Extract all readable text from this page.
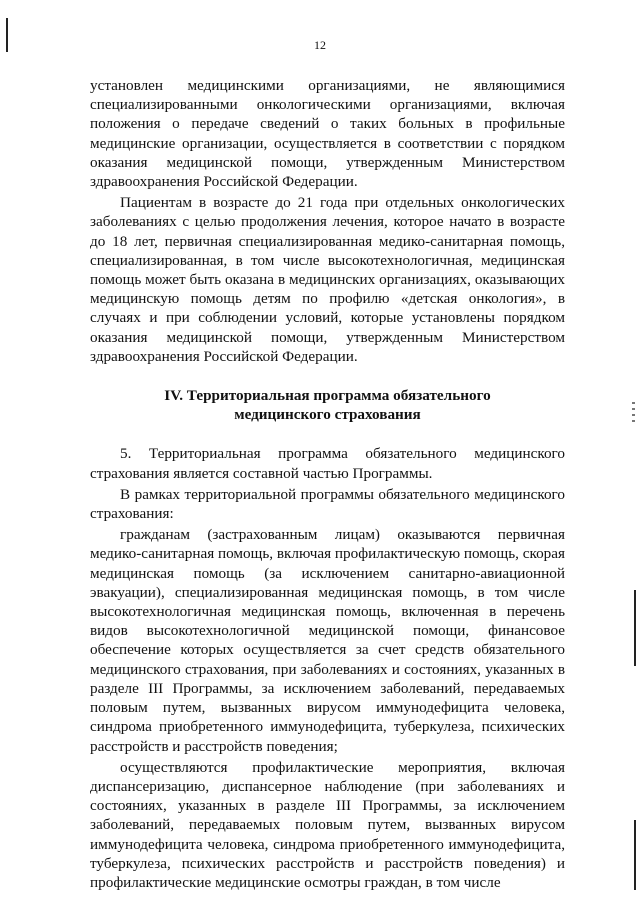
12

установлен медицинскими организациями, не являющимися специализированными онкологическими организациями, включая положения о передаче сведений о таких больных в профильные медицинские организации, осуществляется в соответствии с порядком оказания медицинской помощи, утвержденным Министерством здравоохранения Российской Федерации.

Пациентам в возрасте до 21 года при отдельных онкологических заболеваниях с целью продолжения лечения, которое начато в возрасте до 18 лет, первичная специализированная медико-санитарная помощь, специализированная, в том числе высокотехнологичная, медицинская помощь может быть оказана в медицинских организациях, оказывающих медицинскую помощь детям по профилю «детская онкология», в случаях и при соблюдении условий, которые установлены порядком оказания медицинской помощи, утвержденным Министерством здравоохранения Российской Федерации.

IV. Территориальная программа обязательного
медицинского страхования

5. Территориальная программа обязательного медицинского страхования является составной частью Программы.

В рамках территориальной программы обязательного медицинского страхования:

гражданам (застрахованным лицам) оказываются первичная медико-санитарная помощь, включая профилактическую помощь, скорая медицинская помощь (за исключением санитарно-авиационной эвакуации), специализированная медицинская помощь, в том числе высокотехнологичная медицинская помощь, включенная в перечень видов высокотехнологичной медицинской помощи, финансовое обеспечение которых осуществляется за счет средств обязательного медицинского страхования, при заболеваниях и состояниях, указанных в разделе III Программы, за исключением заболеваний, передаваемых половым путем, вызванных вирусом иммунодефицита человека, синдрома приобретенного иммунодефицита, туберкулеза, психических расстройств и расстройств поведения;

осуществляются профилактические мероприятия, включая диспансеризацию, диспансерное наблюдение (при заболеваниях и состояниях, указанных в разделе III Программы, за исключением заболеваний, передаваемых половым путем, вызванных вирусом иммунодефицита человека, синдрома приобретенного иммунодефицита, туберкулеза, психических расстройств и расстройств поведения) и профилактические медицинские осмотры граждан, в том числе
